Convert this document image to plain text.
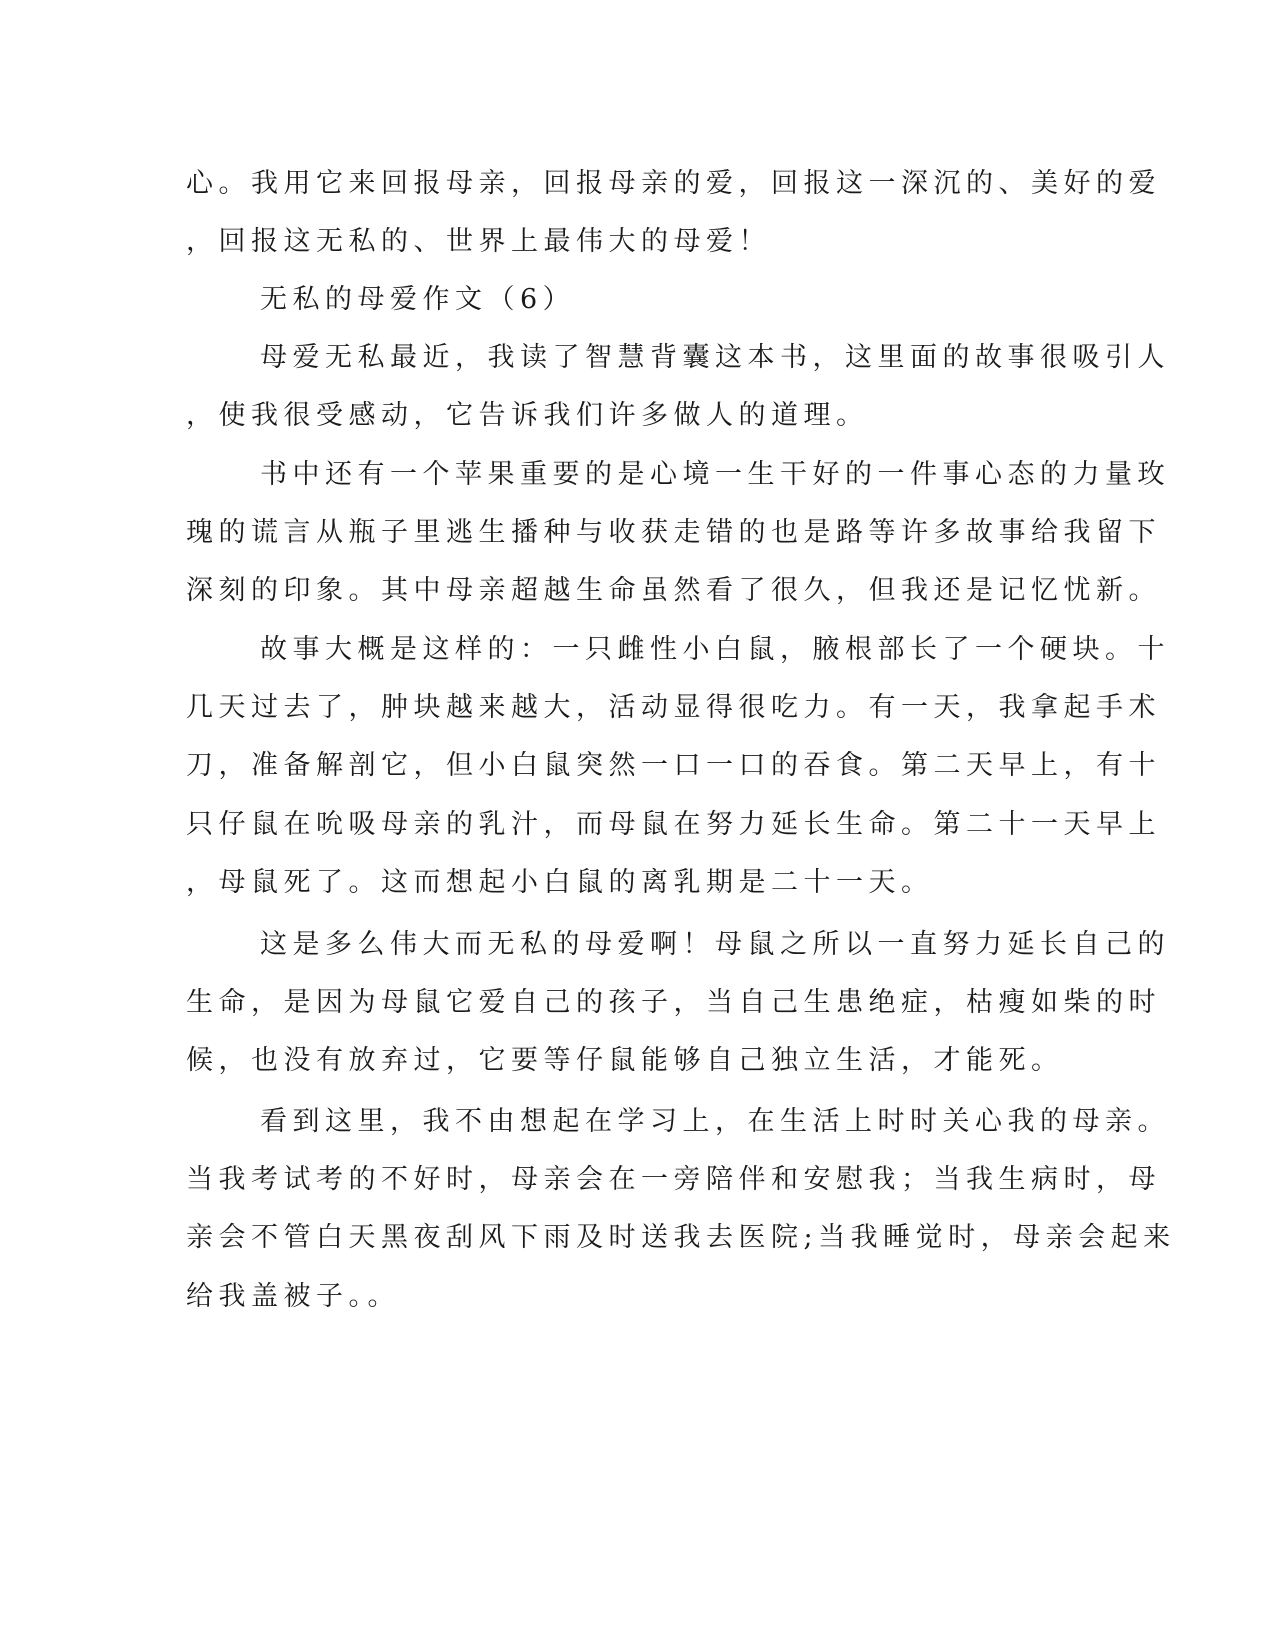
心。我用它来回报母亲，回报母亲的爱，回报这一深沉的、美好的爱
，回报这无私的、世界上最伟大的母爱！
无私的母爱作文（6）
母爱无私最近，我读了智慧背囊这本书，这里面的故事很吸引人
，使我很受感动，它告诉我们许多做人的道理。
书中还有一个苹果重要的是心境一生干好的一件事心态的力量玫
瑰的谎言从瓶子里逃生播种与收获走错的也是路等许多故事给我留下
深刻的印象。其中母亲超越生命虽然看了很久，但我还是记忆忧新。
故事大概是这样的：一只雌性小白鼠，腋根部长了一个硬块。十
几天过去了，肿块越来越大，活动显得很吃力。有一天，我拿起手术
刀，准备解剖它，但小白鼠突然一口一口的吞食。第二天早上，有十
只仔鼠在吮吸母亲的乳汁，而母鼠在努力延长生命。第二十一天早上
，母鼠死了。这而想起小白鼠的离乳期是二十一天。
这是多么伟大而无私的母爱啊！母鼠之所以一直努力延长自己的
生命，是因为母鼠它爱自己的孩子，当自己生患绝症，枯瘦如柴的时
候，也没有放弃过，它要等仔鼠能够自己独立生活，才能死。
看到这里，我不由想起在学习上，在生活上时时关心我的母亲。
当我考试考的不好时，母亲会在一旁陪伴和安慰我；当我生病时，母
亲会不管白天黑夜刮风下雨及时送我去医院;当我睡觉时，母亲会起来
给我盖被子。。
